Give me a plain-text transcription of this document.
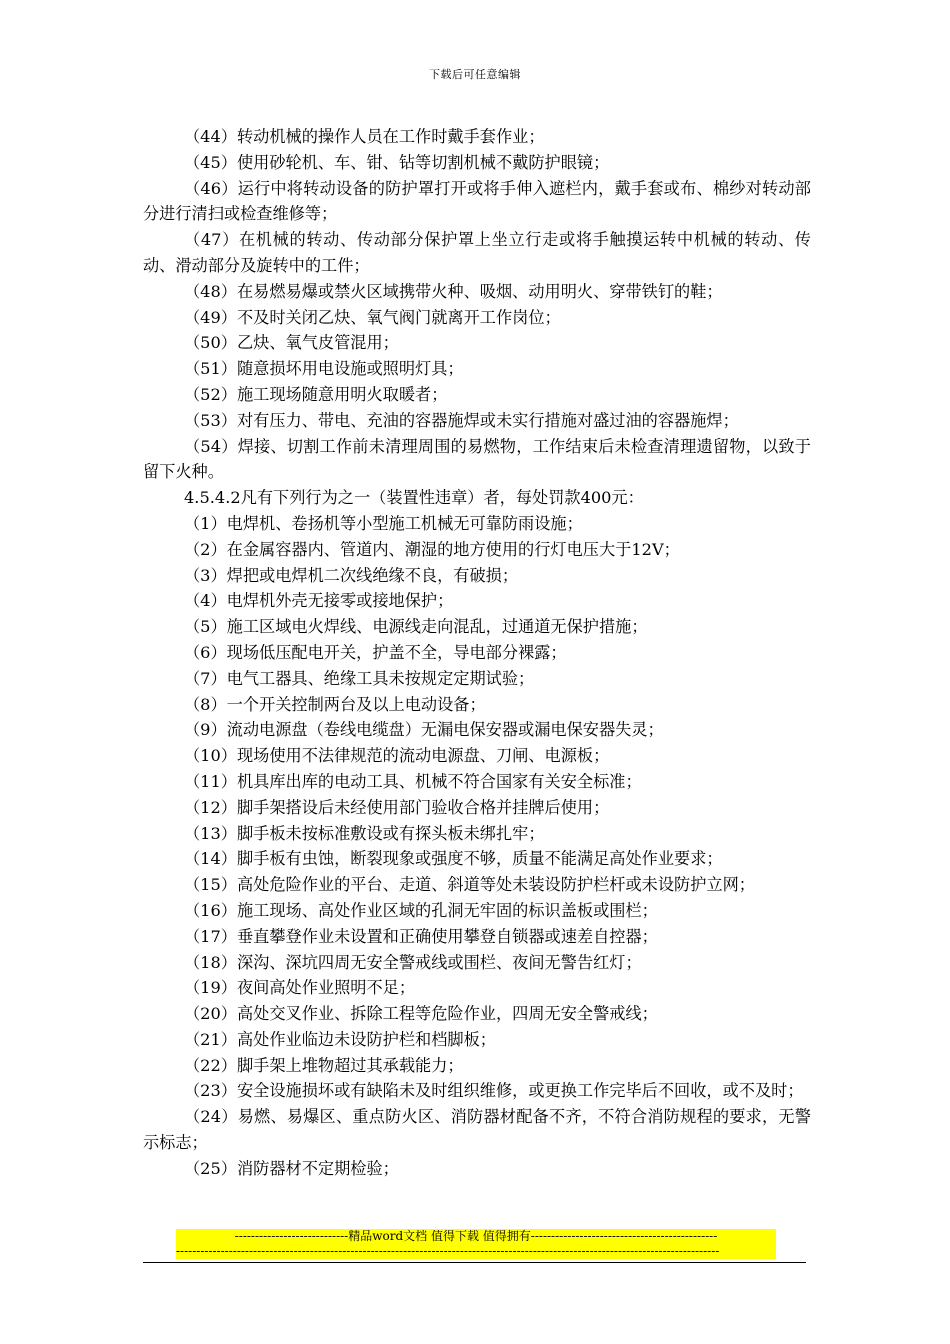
下载后可任意编辑

（44）转动机械的操作人员在工作时戴手套作业；

（45）使用砂轮机、车、钳、钻等切割机械不戴防护眼镜；

（46）运行中将转动设备的防护罩打开或将手伸入遮栏内，戴手套或布、棉纱对转动部分进行清扫或检查维修等；

（47）在机械的转动、传动部分保护罩上坐立行走或将手触摸运转中机械的转动、传动、滑动部分及旋转中的工件；

（48）在易燃易爆或禁火区域携带火种、吸烟、动用明火、穿带铁钉的鞋；

（49）不及时关闭乙炔、氧气阀门就离开工作岗位；

（50）乙炔、氧气皮管混用；

（51）随意损坏用电设施或照明灯具；

（52）施工现场随意用明火取暖者；

（53）对有压力、带电、充油的容器施焊或未实行措施对盛过油的容器施焊；

（54）焊接、切割工作前未清理周围的易燃物，工作结束后未检查清理遗留物，以致于留下火种。

4.5.4.2凡有下列行为之一（装置性违章）者，每处罚款400元：

（1）电焊机、卷扬机等小型施工机械无可靠防雨设施；

（2）在金属容器内、管道内、潮湿的地方使用的行灯电压大于12V；

（3）焊把或电焊机二次线绝缘不良，有破损；

（4）电焊机外壳无接零或接地保护；

（5）施工区域电火焊线、电源线走向混乱，过通道无保护措施；

（6）现场低压配电开关，护盖不全，导电部分裸露；

（7）电气工器具、绝缘工具未按规定定期试验；

（8）一个开关控制两台及以上电动设备；

（9）流动电源盘（卷线电缆盘）无漏电保安器或漏电保安器失灵；

（10）现场使用不法律规范的流动电源盘、刀闸、电源板；

（11）机具库出库的电动工具、机械不符合国家有关安全标准；

（12）脚手架搭设后未经使用部门验收合格并挂牌后使用；

（13）脚手板未按标准敷设或有探头板未绑扎牢；

（14）脚手板有虫蚀，断裂现象或强度不够，质量不能满足高处作业要求；

（15）高处危险作业的平台、走道、斜道等处未装设防护栏杆或未设防护立网；

（16）施工现场、高处作业区域的孔洞无牢固的标识盖板或围栏；

（17）垂直攀登作业未设置和正确使用攀登自锁器或速差自控器；

（18）深沟、深坑四周无安全警戒线或围栏、夜间无警告红灯；

（19）夜间高处作业照明不足；

（20）高处交叉作业、拆除工程等危险作业，四周无安全警戒线；

（21）高处作业临边未设防护栏和档脚板；

（22）脚手架上堆物超过其承载能力；

（23）安全设施损坏或有缺陷未及时组织维修，或更换工作完毕后不回收，或不及时；

（24）易燃、易爆区、重点防火区、消防器材配备不齐，不符合消防规程的要求，无警示标志；

（25）消防器材不定期检验；

----------------------------精品word文档 值得下载 值得拥有----------------------------------------------
--------------------------------------------------------------------------------------------------------------------------------------
